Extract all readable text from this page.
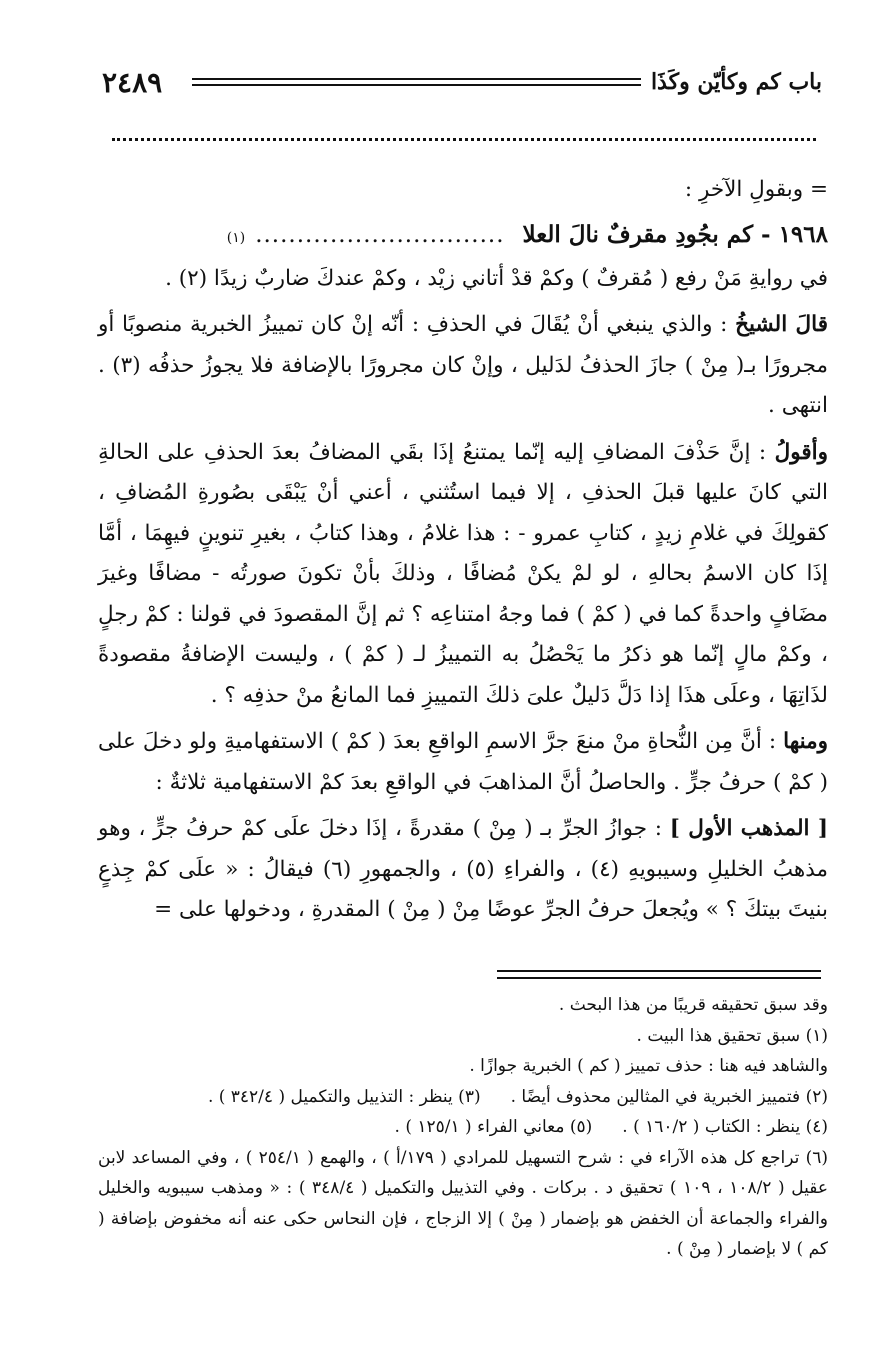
٢٤٨٩	باب كم وكأيّن وكَذَا

= وبقولِ الآخرِ :

١٩٦٨ -
كم بجُودِ مقرفٌ نالَ العلا
..............................
(١)

في روايةِ مَنْ رفع ( مُقرفٌ ) وكمْ قدْ أتاني زيْد ، وكمْ عندكَ ضاربٌ زيدًا (٢) .

قالَ الشيخُ : والذي ينبغي أنْ يُقَالَ في الحذفِ : أنّه إنْ كان تمييزُ الخبرية منصوبًا أو مجرورًا بـ( مِنْ ) جازَ الحذفُ لدَليل ، وإنْ كان مجرورًا بالإضافة فلا يجوزُ حذفُه (٣) . انتهى .

وأقولُ : إنَّ حَذْفَ المضافِ إليه إنّما يمتنعُ إذَا بقَي المضافُ بعدَ الحذفِ على الحالةِ التي كانَ عليها قبلَ الحذفِ ، إلا فيما استُثني ، أعني أنْ يَبْقَى بصُورةِ المُضافِ ، كقولِكَ في غلامِ زيدٍ ، كتابِ عمرو - : هذا غلامُ ، وهذا كتابُ ، بغيرِ تنوينٍ فيهِمَا ، أمَّا إذَا كان الاسمُ بحالهِ ، لو لمْ يكنْ مُضافًا ، وذلكَ بأنْ تكونَ صورتُه - مضافًا وغيرَ مضَافٍ واحدةً كما في ( كمْ ) فما وجهُ امتناعِه ؟ ثم إنَّ المقصودَ في قولنا : كمْ رجلٍ ، وكمْ مالٍ إنّما هو ذكرُ ما يَحْصُلُ به التمييزُ لـ ( كمْ ) ، وليست الإضافةُ مقصودةً لذَاتِهَا ، وعلَى هذَا إذا دَلَّ دَليلٌ علىَ ذلكَ التمييزِ فما المانعُ منْ حذفِه ؟ .

ومنها : أنَّ مِن النُّحاةِ منْ منعَ جرَّ الاسمِ الواقعِ بعدَ ( كمْ ) الاستفهاميةِ ولو دخلَ على ( كمْ ) حرفُ جرٍّ . والحاصلُ أنَّ المذاهبَ في الواقعِ بعدَ كمْ الاستفهامية ثلاثةٌ :

[ المذهب الأول ] : جوازُ الجرِّ بـ ( مِنْ ) مقدرةً ، إذَا دخلَ علَى كمْ حرفُ جرٍّ ، وهو مذهبُ الخليلِ وسيبويهِ (٤) ، والفراءِ (٥) ، والجمهورِ (٦) فيقالُ : « علَى كمْ جِذعٍ بنيتَ بيتكَ ؟ » ويُجعلَ حرفُ الجرِّ عوضًا مِنْ ( مِنْ ) المقدرةِ ، ودخولها على =

وقد سبق تحقيقه قريبًا من هذا البحث .

(١) سبق تحقيق هذا البيت .

والشاهد فيه هنا : حذف تمييز ( كم ) الخبرية جوازًا .

(٢) فتمييز الخبرية في المثالين محذوف أيضًا .
(٣) ينظر : التذييل والتكميل ( ٣٤٢/٤ ) .
(٤) ينظر : الكتاب ( ١٦٠/٢ ) .
(٥) معاني الفراء ( ١٢٥/١ ) .

(٦) تراجع كل هذه الآراء في : شرح التسهيل للمرادي ( ١٧٩/أ ) ، والهمع ( ٢٥٤/١ ) ، وفي المساعد لابن عقيل ( ١٠٨/٢ ، ١٠٩ ) تحقيق د . بركات . وفي التذييل والتكميل ( ٣٤٨/٤ ) : « ومذهب سيبويه والخليل والفراء والجماعة أن الخفض هو بإضمار ( مِنْ ) إلا الزجاج ، فإن النحاس حكى عنه أنه مخفوض بإضافة ( كم ) لا بإضمار ( مِنْ ) .
